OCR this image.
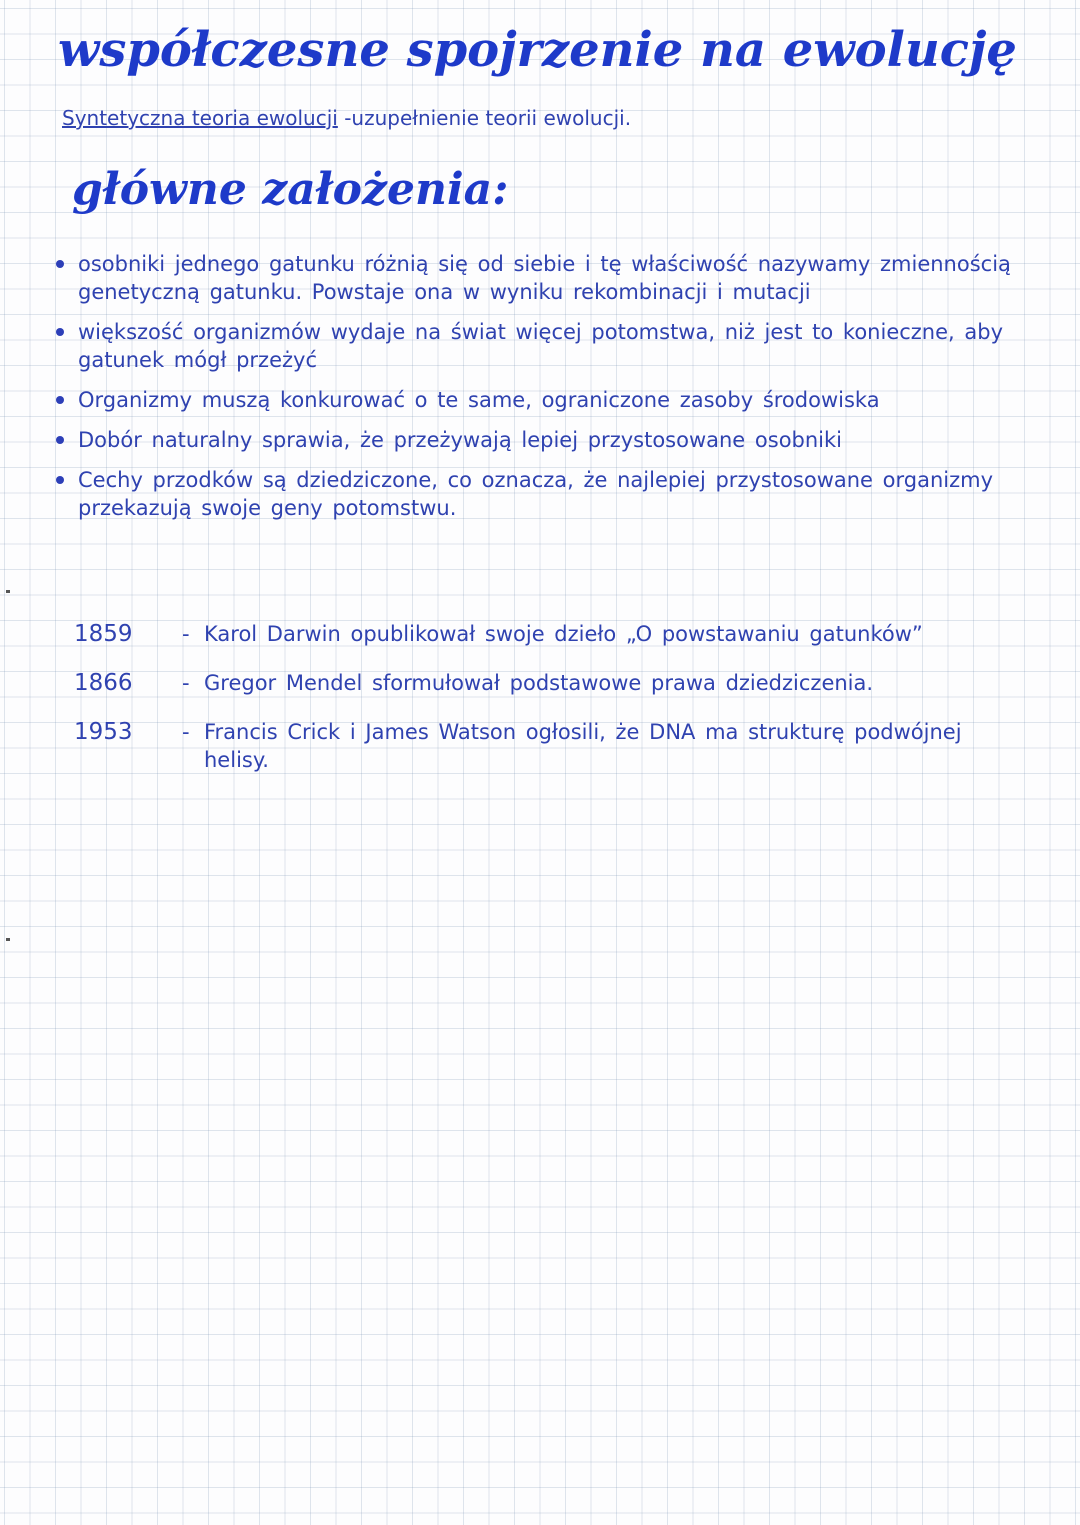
współczesne spojrzenie na ewolucję
Syntetyczna teoria ewolucji -uzupełnienie teorii ewolucji.
główne założenia:
osobniki jednego gatunku różnią się od siebie i tę właściwość nazywamy zmiennością genetyczną gatunku. Powstaje ona w wyniku rekombinacji i mutacji
większość organizmów wydaje na świat więcej potomstwa, niż jest to konieczne, aby gatunek mógł przeżyć
Organizmy muszą konkurować o te same, ograniczone zasoby środowiska
Dobór naturalny sprawia, że przeżywają lepiej przystosowane osobniki
Cechy przodków są dziedziczone, co oznacza, że najlepiej przystosowane organizmy przekazują swoje geny potomstwu.
1859	- Karol Darwin opublikował swoje dzieło „O powstawaniu gatunków”
1866	- Gregor Mendel sformułował podstawowe prawa dziedziczenia.
1953	- Francis Crick i James Watson ogłosili, że DNA ma strukturę podwójnej helisy.
